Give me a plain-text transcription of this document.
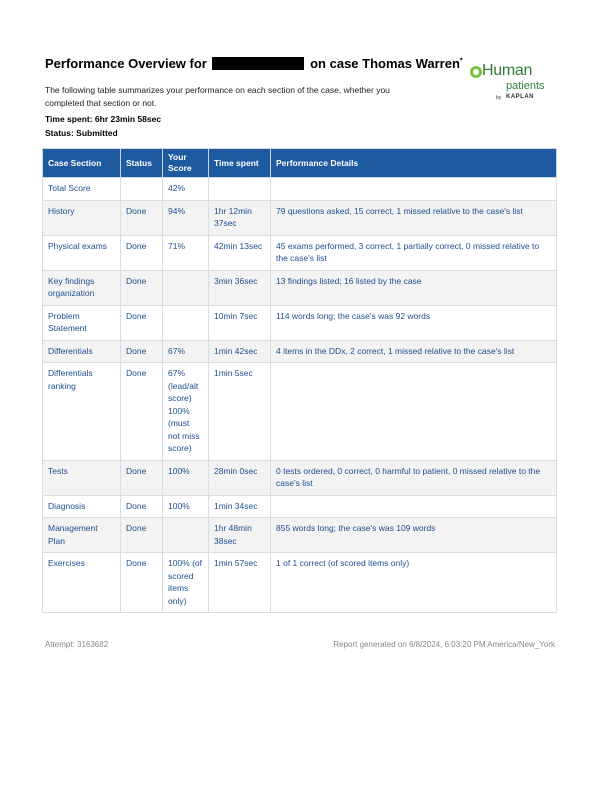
Performance Overview for	on case Thomas Warren*
Human
patients
by KAPLAN
The following table summarizes your performance on each section of the case, whether you completed that section or not.
Time spent: 6hr 23min 58sec
Status: Submitted
Case Section	Status	Your Score	Time spent	Performance Details
Total Score		42%		
History	Done	94%	1hr 12min 37sec	79 questions asked, 15 correct, 1 missed relative to the case's list
Physical exams	Done	71%	42min 13sec	45 exams performed, 3 correct, 1 partially correct, 0 missed relative to the case's list
Key findings organization	Done		3min 36sec	13 findings listed; 16 listed by the case
Problem Statement	Done		10min 7sec	114 words long; the case's was 92 words
Differentials	Done	67%	1min 42sec	4 items in the DDx, 2 correct, 1 missed relative to the case's list
Differentials ranking	Done	67% (lead/alt score) 100% (must not miss score)	1min 5sec	
Tests	Done	100%	28min 0sec	0 tests ordered, 0 correct, 0 harmful to patient, 0 missed relative to the case's list
Diagnosis	Done	100%	1min 34sec	
Management Plan	Done		1hr 48min 38sec	855 words long; the case's was 109 words
Exercises	Done	100% (of scored items only)	1min 57sec	1 of 1 correct (of scored items only)
Attempt: 3163682	Report generated on 6/8/2024, 6:03:20 PM America/New_York
